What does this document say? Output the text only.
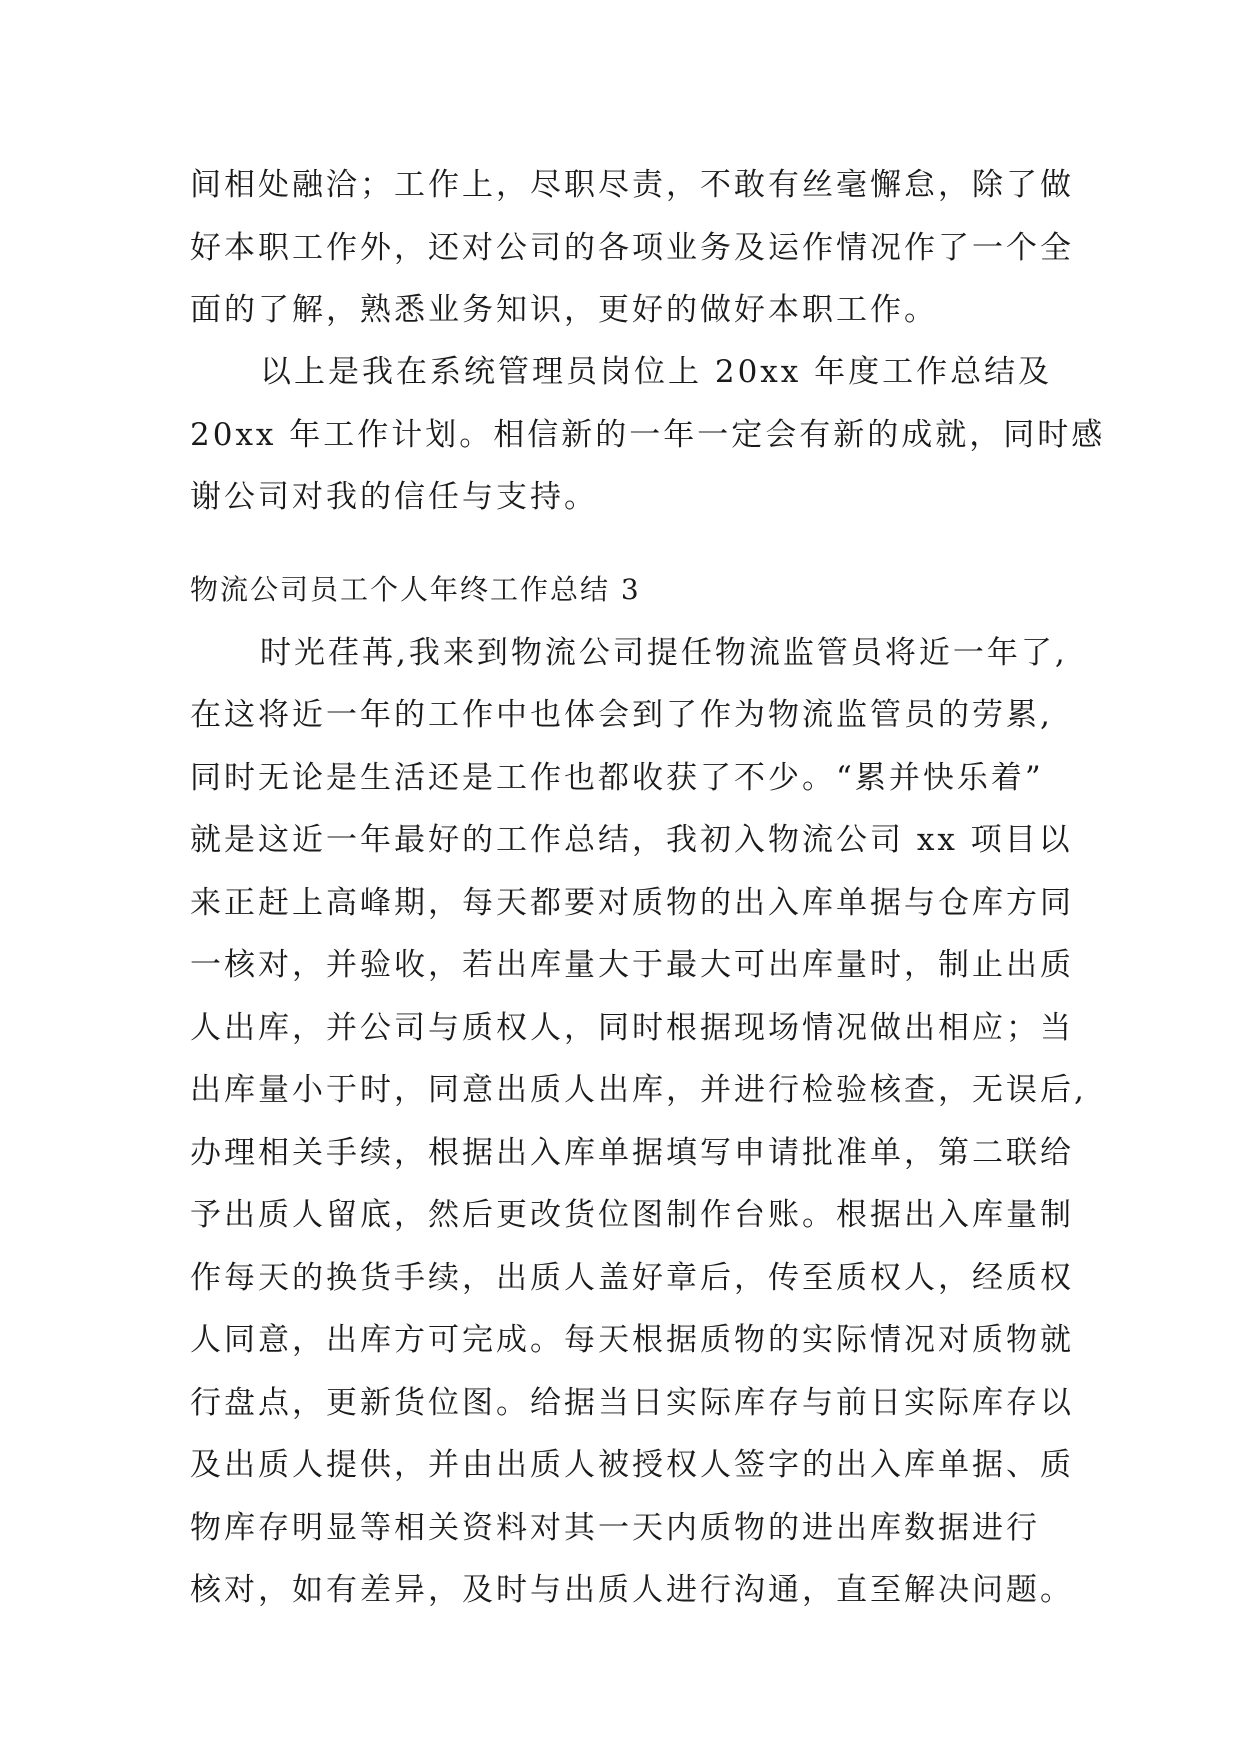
间相处融洽；工作上，尽职尽责，不敢有丝毫懈怠，除了做
好本职工作外，还对公司的各项业务及运作情况作了一个全
面的了解，熟悉业务知识，更好的做好本职工作。
以上是我在系统管理员岗位上 20xx 年度工作总结及
20xx 年工作计划。相信新的一年一定会有新的成就，同时感
谢公司对我的信任与支持。
物流公司员工个人年终工作总结 3
时光荏苒,我来到物流公司提任物流监管员将近一年了,
在这将近一年的工作中也体会到了作为物流监管员的劳累,
同时无论是生活还是工作也都收获了不少。“累并快乐着”
就是这近一年最好的工作总结，我初入物流公司 xx 项目以
来正赶上高峰期，每天都要对质物的出入库单据与仓库方同
一核对，并验收，若出库量大于最大可出库量时，制止出质
人出库，并公司与质权人，同时根据现场情况做出相应；当
出库量小于时，同意出质人出库，并进行检验核查，无误后,
办理相关手续，根据出入库单据填写申请批准单，第二联给
予出质人留底，然后更改货位图制作台账。根据出入库量制
作每天的换货手续，出质人盖好章后，传至质权人，经质权
人同意，出库方可完成。每天根据质物的实际情况对质物就
行盘点，更新货位图。给据当日实际库存与前日实际库存以
及出质人提供，并由出质人被授权人签字的出入库单据、质
物库存明显等相关资料对其一天内质物的进出库数据进行
核对，如有差异，及时与出质人进行沟通，直至解决问题。
